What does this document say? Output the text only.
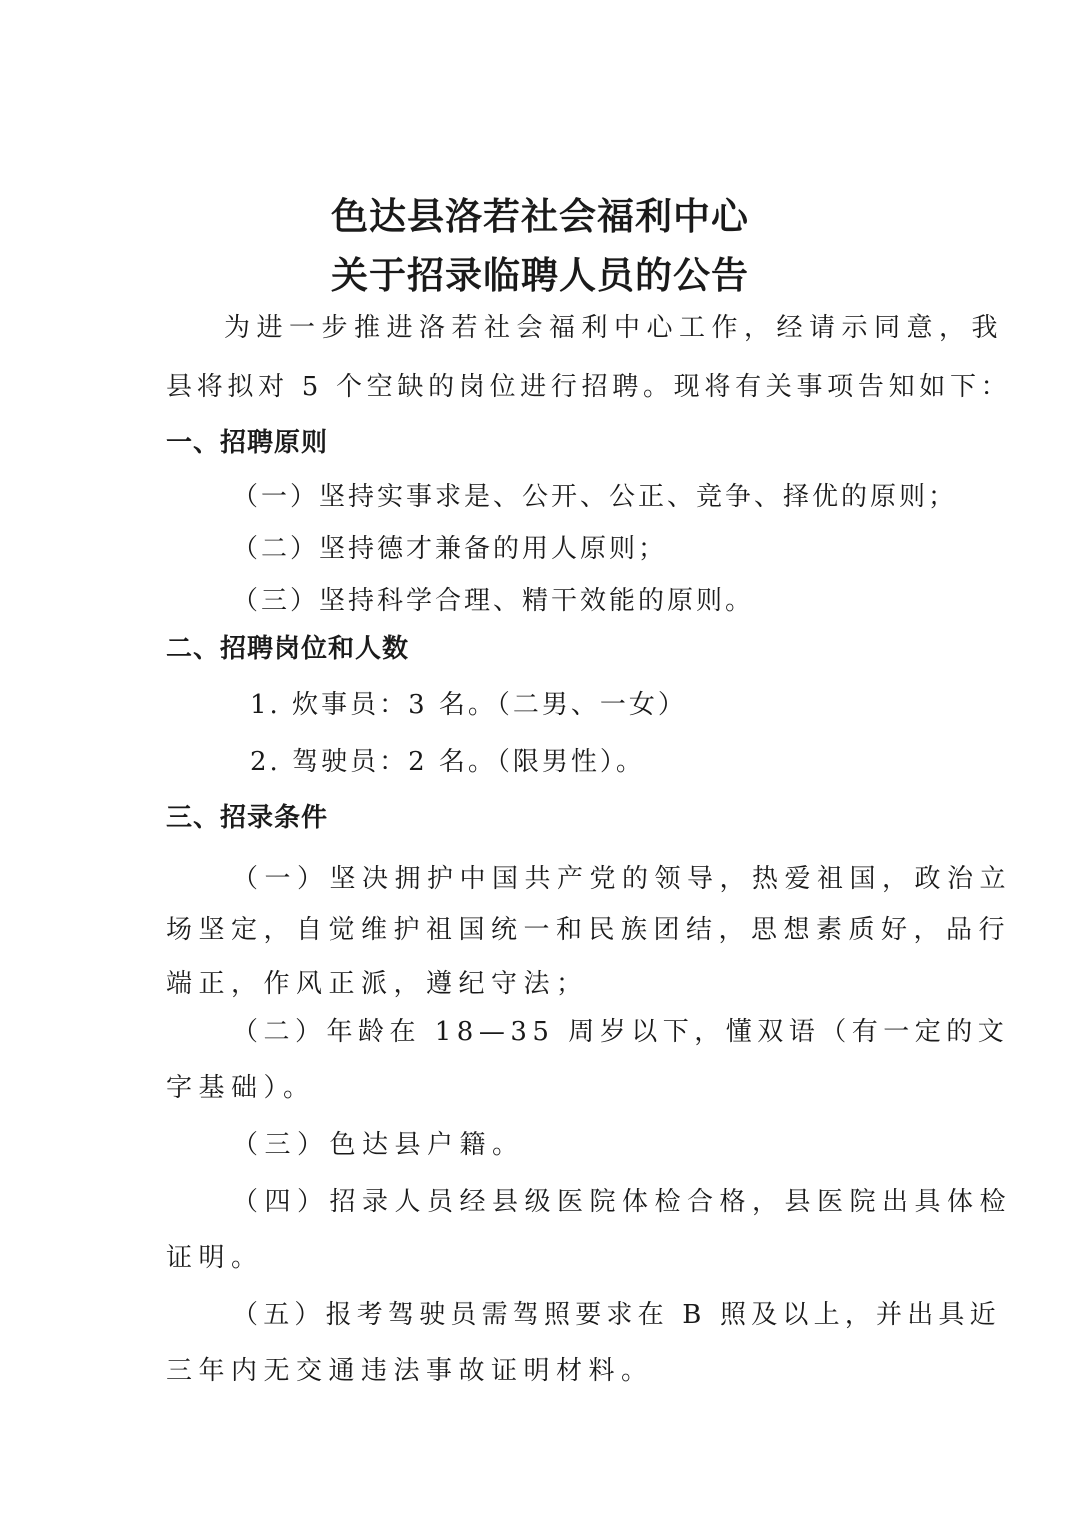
色达县洛若社会福利中心
关于招录临聘人员的公告
为进一步推进洛若社会福利中心工作，经请示同意，我
县将拟对 5 个空缺的岗位进行招聘。现将有关事项告知如下：
一、招聘原则
（一）坚持实事求是、公开、公正、竞争、择优的原则；
（二）坚持德才兼备的用人原则；
（三）坚持科学合理、精干效能的原则。
二、招聘岗位和人数
1. 炊事员：3 名。（二男、一女）
2. 驾驶员：2 名。（限男性）。
三、招录条件
（一）坚决拥护中国共产党的领导，热爱祖国，政治立
场坚定，自觉维护祖国统一和民族团结，思想素质好，品行
端正，作风正派，遵纪守法；
（二）年龄在 18—35 周岁以下，懂双语（有一定的文
字基础）。
（三）色达县户籍。
（四）招录人员经县级医院体检合格，县医院出具体检
证明。
（五）报考驾驶员需驾照要求在 B 照及以上，并出具近
三年内无交通违法事故证明材料。
